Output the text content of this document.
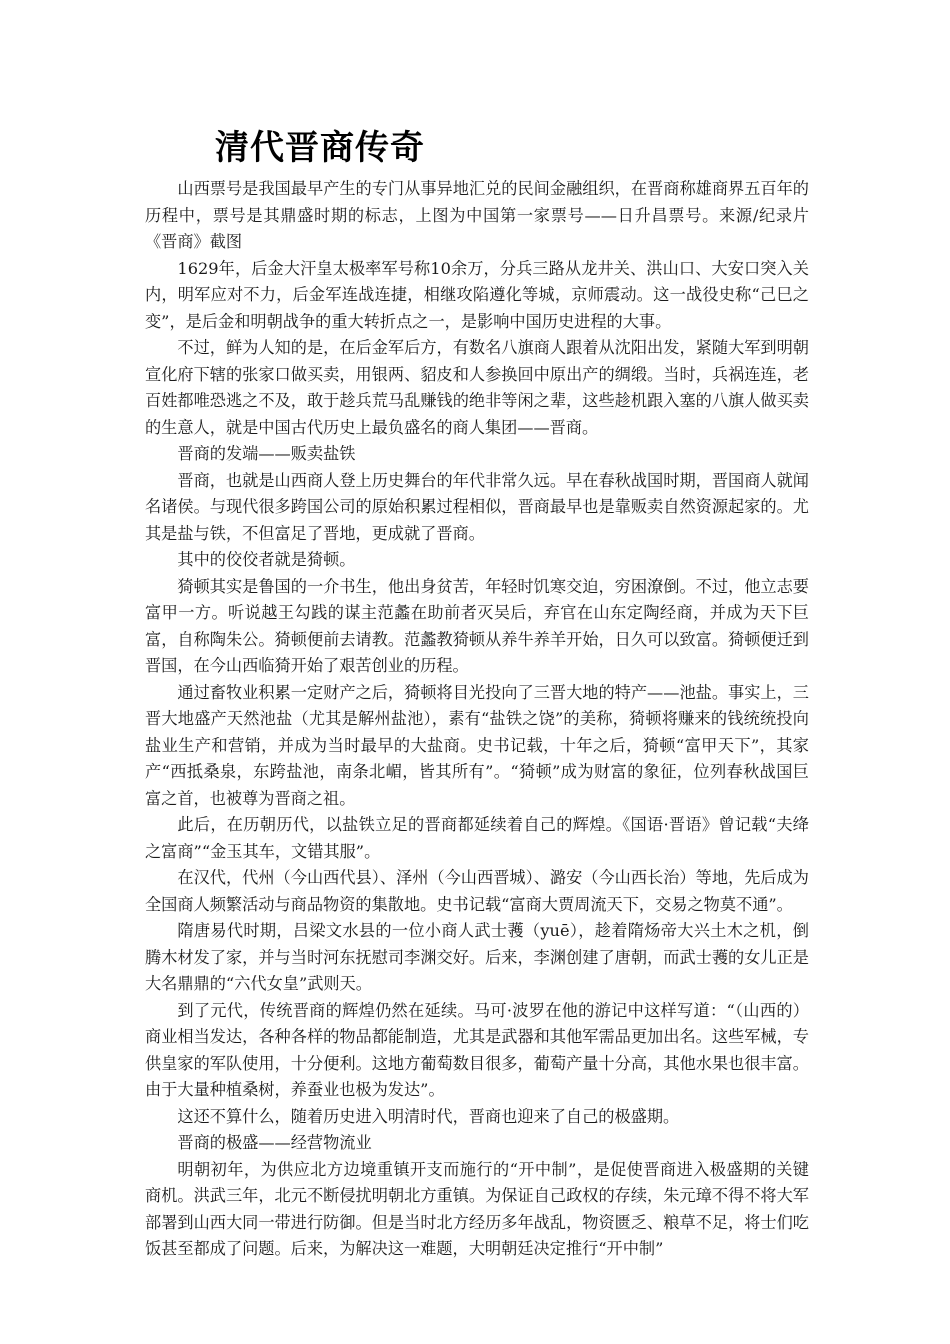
清代晋商传奇

山西票号是我国最早产生的专门从事异地汇兑的民间金融组织，在晋商称雄商界五百年的历程中，票号是其鼎盛时期的标志，上图为中国第一家票号——日升昌票号。来源/纪录片《晋商》截图

1629年，后金大汗皇太极率军号称10余万，分兵三路从龙井关、洪山口、大安口突入关内，明军应对不力，后金军连战连捷，相继攻陷遵化等城，京师震动。这一战役史称“己巳之变”，是后金和明朝战争的重大转折点之一，是影响中国历史进程的大事。

不过，鲜为人知的是，在后金军后方，有数名八旗商人跟着从沈阳出发，紧随大军到明朝宣化府下辖的张家口做买卖，用银两、貂皮和人参换回中原出产的绸缎。当时，兵祸连连，老百姓都唯恐逃之不及，敢于趁兵荒马乱赚钱的绝非等闲之辈，这些趁机跟入塞的八旗人做买卖的生意人，就是中国古代历史上最负盛名的商人集团——晋商。

晋商的发端——贩卖盐铁

晋商，也就是山西商人登上历史舞台的年代非常久远。早在春秋战国时期，晋国商人就闻名诸侯。与现代很多跨国公司的原始积累过程相似，晋商最早也是靠贩卖自然资源起家的。尤其是盐与铁，不但富足了晋地，更成就了晋商。

其中的佼佼者就是猗顿。

猗顿其实是鲁国的一介书生，他出身贫苦，年轻时饥寒交迫，穷困潦倒。不过，他立志要富甲一方。听说越王勾践的谋主范蠡在助前者灭吴后，弃官在山东定陶经商，并成为天下巨富，自称陶朱公。猗顿便前去请教。范蠡教猗顿从养牛养羊开始，日久可以致富。猗顿便迁到晋国，在今山西临猗开始了艰苦创业的历程。

通过畜牧业积累一定财产之后，猗顿将目光投向了三晋大地的特产——池盐。事实上，三晋大地盛产天然池盐（尤其是解州盐池），素有“盐铁之饶”的美称，猗顿将赚来的钱统统投向盐业生产和营销，并成为当时最早的大盐商。史书记载，十年之后，猗顿“富甲天下”，其家产“西抵桑泉，东跨盐池，南条北嵋，皆其所有”。“猗顿”成为财富的象征，位列春秋战国巨富之首，也被尊为晋商之祖。

此后，在历朝历代，以盐铁立足的晋商都延续着自己的辉煌。《国语·晋语》曾记载“夫绛之富商”“金玉其车，文错其服”。

在汉代，代州（今山西代县）、泽州（今山西晋城）、潞安（今山西长治）等地，先后成为全国商人频繁活动与商品物资的集散地。史书记载“富商大贾周流天下，交易之物莫不通”。

隋唐易代时期，吕梁文水县的一位小商人武士彟（yuē），趁着隋炀帝大兴土木之机，倒腾木材发了家，并与当时河东抚慰司李渊交好。后来，李渊创建了唐朝，而武士彟的女儿正是大名鼎鼎的“六代女皇”武则天。

到了元代，传统晋商的辉煌仍然在延续。马可·波罗在他的游记中这样写道：“（山西的）商业相当发达，各种各样的物品都能制造，尤其是武器和其他军需品更加出名。这些军械，专供皇家的军队使用，十分便利。这地方葡萄数目很多，葡萄产量十分高，其他水果也很丰富。由于大量种植桑树，养蚕业也极为发达”。

这还不算什么，随着历史进入明清时代，晋商也迎来了自己的极盛期。

晋商的极盛——经营物流业

明朝初年，为供应北方边境重镇开支而施行的“开中制”，是促使晋商进入极盛期的关键商机。洪武三年，北元不断侵扰明朝北方重镇。为保证自己政权的存续，朱元璋不得不将大军部署到山西大同一带进行防御。但是当时北方经历多年战乱，物资匮乏、粮草不足，将士们吃饭甚至都成了问题。后来，为解决这一难题，大明朝廷决定推行“开中制”
